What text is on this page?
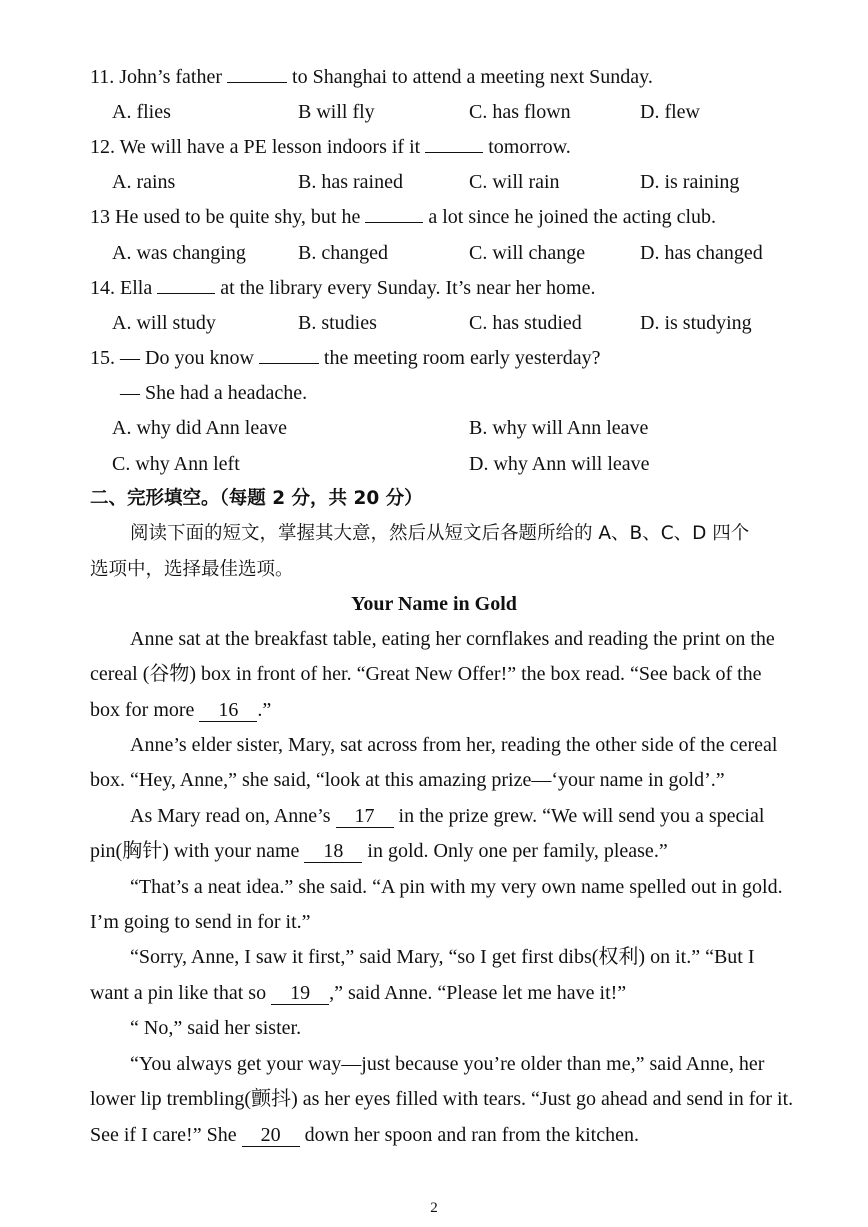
11. John’s father	to Shanghai to attend a meeting next Sunday.
A. flies	B will fly	C. has flown	D. flew
12. We will have a PE lesson indoors if it	tomorrow.
A. rains	B. has rained	C. will rain	D. is raining
13 He used to be quite shy, but he	a lot since he joined the acting club.
A. was changing	B. changed	C. will change	D. has changed
14. Ella	at the library every Sunday. It’s near her home.
A. will study	B. studies	C. has studied	D. is studying
15. — Do you know	the meeting room early yesterday?
— She had a headache.
A. why did Ann leave	B. why will Ann leave
C. why Ann left	D. why Ann will leave
二、完形填空。（每题 2 分，共 20 分）
阅读下面的短文，掌握其大意，然后从短文后各题所给的 A、B、C、D 四个
选项中，选择最佳选项。
Your Name in Gold
Anne sat at the breakfast table, eating her cornflakes and reading the print on the
cereal (谷物) box in front of her. “Great New Offer!” the box read. “See back of the
box for more 16 .”
Anne’s elder sister, Mary, sat across from her, reading the other side of the cereal
box. “Hey, Anne,” she said, “look at this amazing prize—‘your name in gold’.”
As Mary read on, Anne’s 17 in the prize grew. “We will send you a special
pin(胸针) with your name 18 in gold. Only one per family, please.”
“That’s a neat idea.” she said. “A pin with my very own name spelled out in gold.
I’m going to send in for it.”
“Sorry, Anne, I saw it first,” said Mary, “so I get first dibs(权利) on it.” “But I
want a pin like that so 19 ,” said Anne. “Please let me have it!”
“ No,” said her sister.
“You always get your way—just because you’re older than me,” said Anne, her
lower lip trembling(颤抖) as her eyes filled with tears. “Just go ahead and send in for it.
See if I care!” She 20 down her spoon and ran from the kitchen.
2
